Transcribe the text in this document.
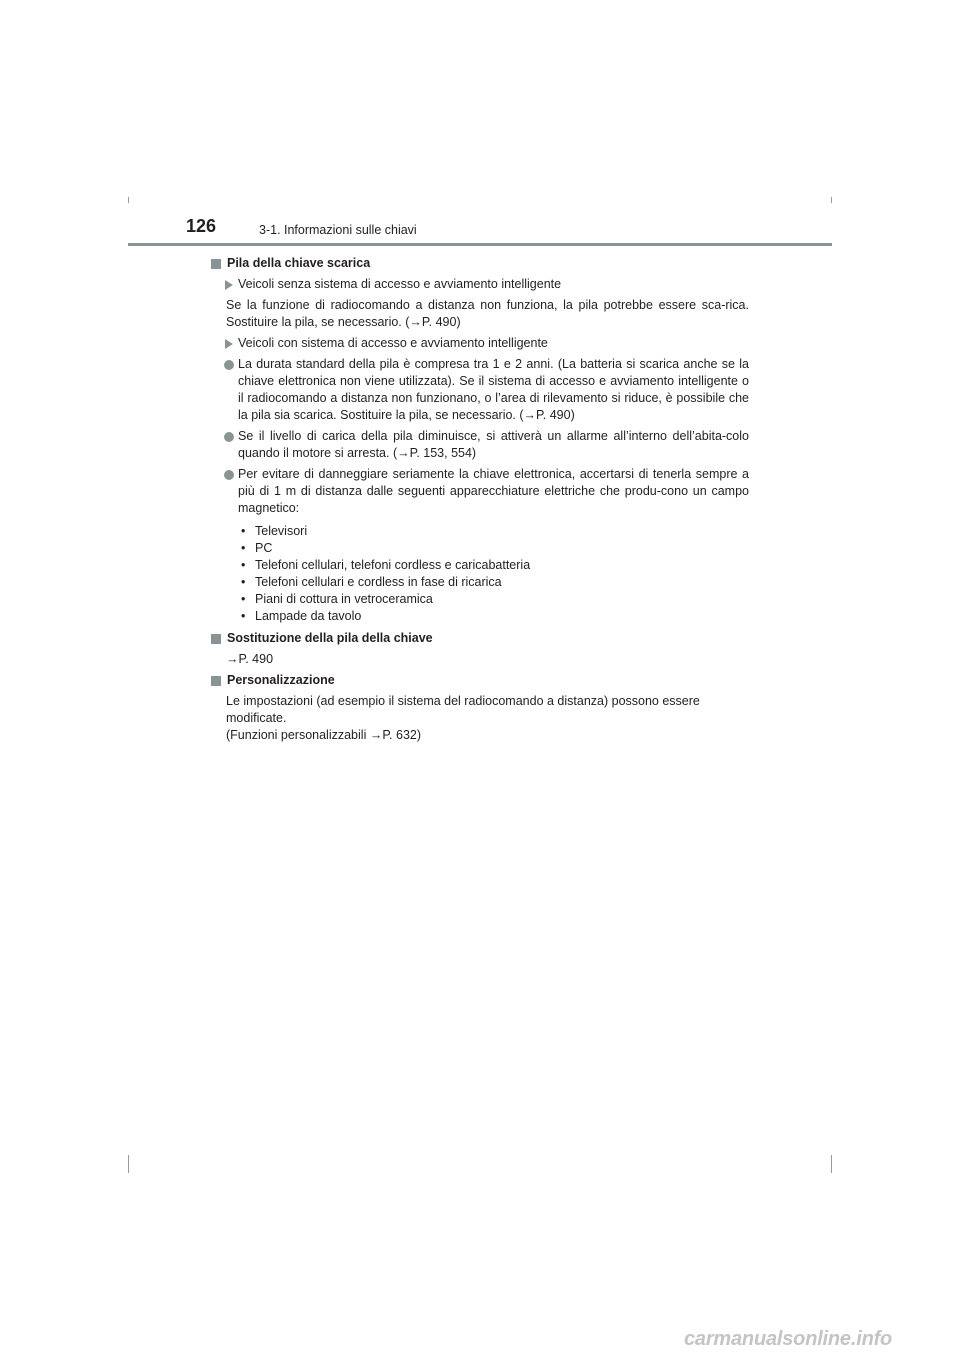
126	3-1. Informazioni sulle chiavi
Pila della chiave scarica
Veicoli senza sistema di accesso e avviamento intelligente
Se la funzione di radiocomando a distanza non funziona, la pila potrebbe essere sca-rica. Sostituire la pila, se necessario. (→P. 490)
Veicoli con sistema di accesso e avviamento intelligente
La durata standard della pila è compresa tra 1 e 2 anni. (La batteria si scarica anche se la chiave elettronica non viene utilizzata). Se il sistema di accesso e avviamento intelligente o il radiocomando a distanza non funzionano, o l’area di rilevamento si riduce, è possibile che la pila sia scarica. Sostituire la pila, se necessario. (→P. 490)
Se il livello di carica della pila diminuisce, si attiverà un allarme all’interno dell’abita-colo quando il motore si arresta. (→P. 153, 554)
Per evitare di danneggiare seriamente la chiave elettronica, accertarsi di tenerla sempre a più di 1 m di distanza dalle seguenti apparecchiature elettriche che produ-cono un campo magnetico:
• Televisori
• PC
• Telefoni cellulari, telefoni cordless e caricabatteria
• Telefoni cellulari e cordless in fase di ricarica
• Piani di cottura in vetroceramica
• Lampade da tavolo
Sostituzione della pila della chiave
→P. 490
Personalizzazione
Le impostazioni (ad esempio il sistema del radiocomando a distanza) possono essere modificate.
(Funzioni personalizzabili →P. 632)
carmanualsonline.info
